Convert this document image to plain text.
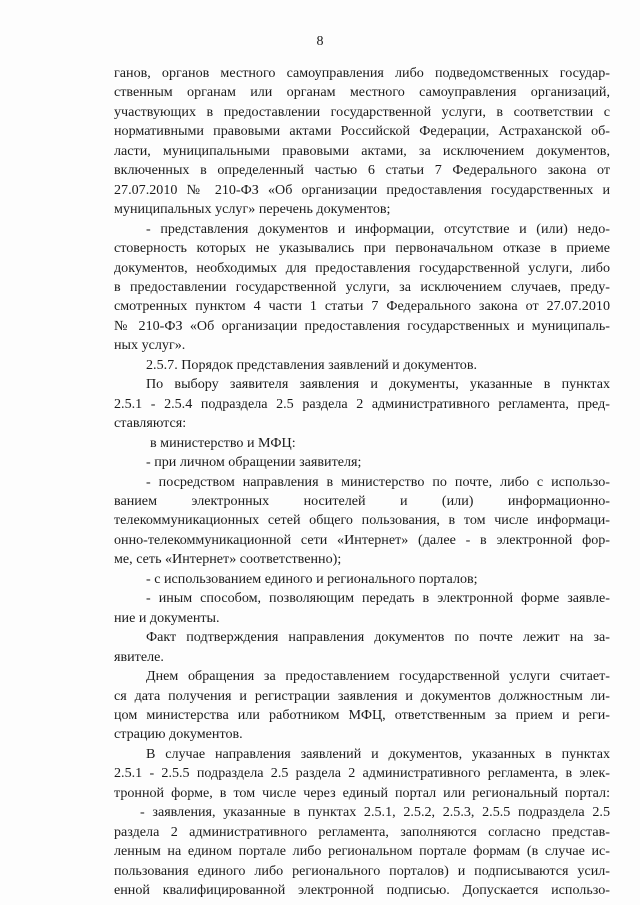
8
ганов, органов местного самоуправления либо подведомственных государ-
ственным органам или органам местного самоуправления организаций,
участвующих в предоставлении государственной услуги, в соответствии с
нормативными правовыми актами Российской Федерации, Астраханской об-
ласти, муниципальными правовыми актами, за исключением документов,
включенных в определенный частью 6 статьи 7 Федерального закона от
27.07.2010 № 210-ФЗ «Об организации предоставления государственных и
муниципальных услуг» перечень документов;
- представления документов и информации, отсутствие и (или) недо-
стоверность которых не указывались при первоначальном отказе в приеме
документов, необходимых для предоставления государственной услуги, либо
в предоставлении государственной услуги, за исключением случаев, преду-
смотренных пунктом 4 части 1 статьи 7 Федерального закона от 27.07.2010
№ 210-ФЗ «Об организации предоставления государственных и муниципаль-
ных услуг».
2.5.7. Порядок представления заявлений и документов.
По выбору заявителя заявления и документы, указанные в пунктах
2.5.1 - 2.5.4 подраздела 2.5 раздела 2 административного регламента, пред-
ставляются:
в министерство и МФЦ:
- при личном обращении заявителя;
- посредством направления в министерство по почте, либо с использо-
ванием электронных носителей и (или) информационно-
телекоммуникационных сетей общего пользования, в том числе информаци-
онно-телекоммуникационной сети «Интернет» (далее - в электронной фор-
ме, сеть «Интернет» соответственно);
- с использованием единого и регионального порталов;
- иным способом, позволяющим передать в электронной форме заявле-
ние и документы.
Факт подтверждения направления документов по почте лежит на за-
явителе.
Днем обращения за предоставлением государственной услуги считает-
ся дата получения и регистрации заявления и документов должностным ли-
цом министерства или работником МФЦ, ответственным за прием и реги-
страцию документов.
В случае направления заявлений и документов, указанных в пунктах
2.5.1 - 2.5.5 подраздела 2.5 раздела 2 административного регламента, в элек-
тронной форме, в том числе через единый портал или региональный портал:
- заявления, указанные в пунктах 2.5.1, 2.5.2, 2.5.3, 2.5.5 подраздела 2.5
раздела 2 административного регламента, заполняются согласно представ-
ленным на едином портале либо региональном портале формам (в случае ис-
пользования единого либо регионального порталов) и подписываются усил-
енной квалифицированной электронной подписью. Допускается использо-
